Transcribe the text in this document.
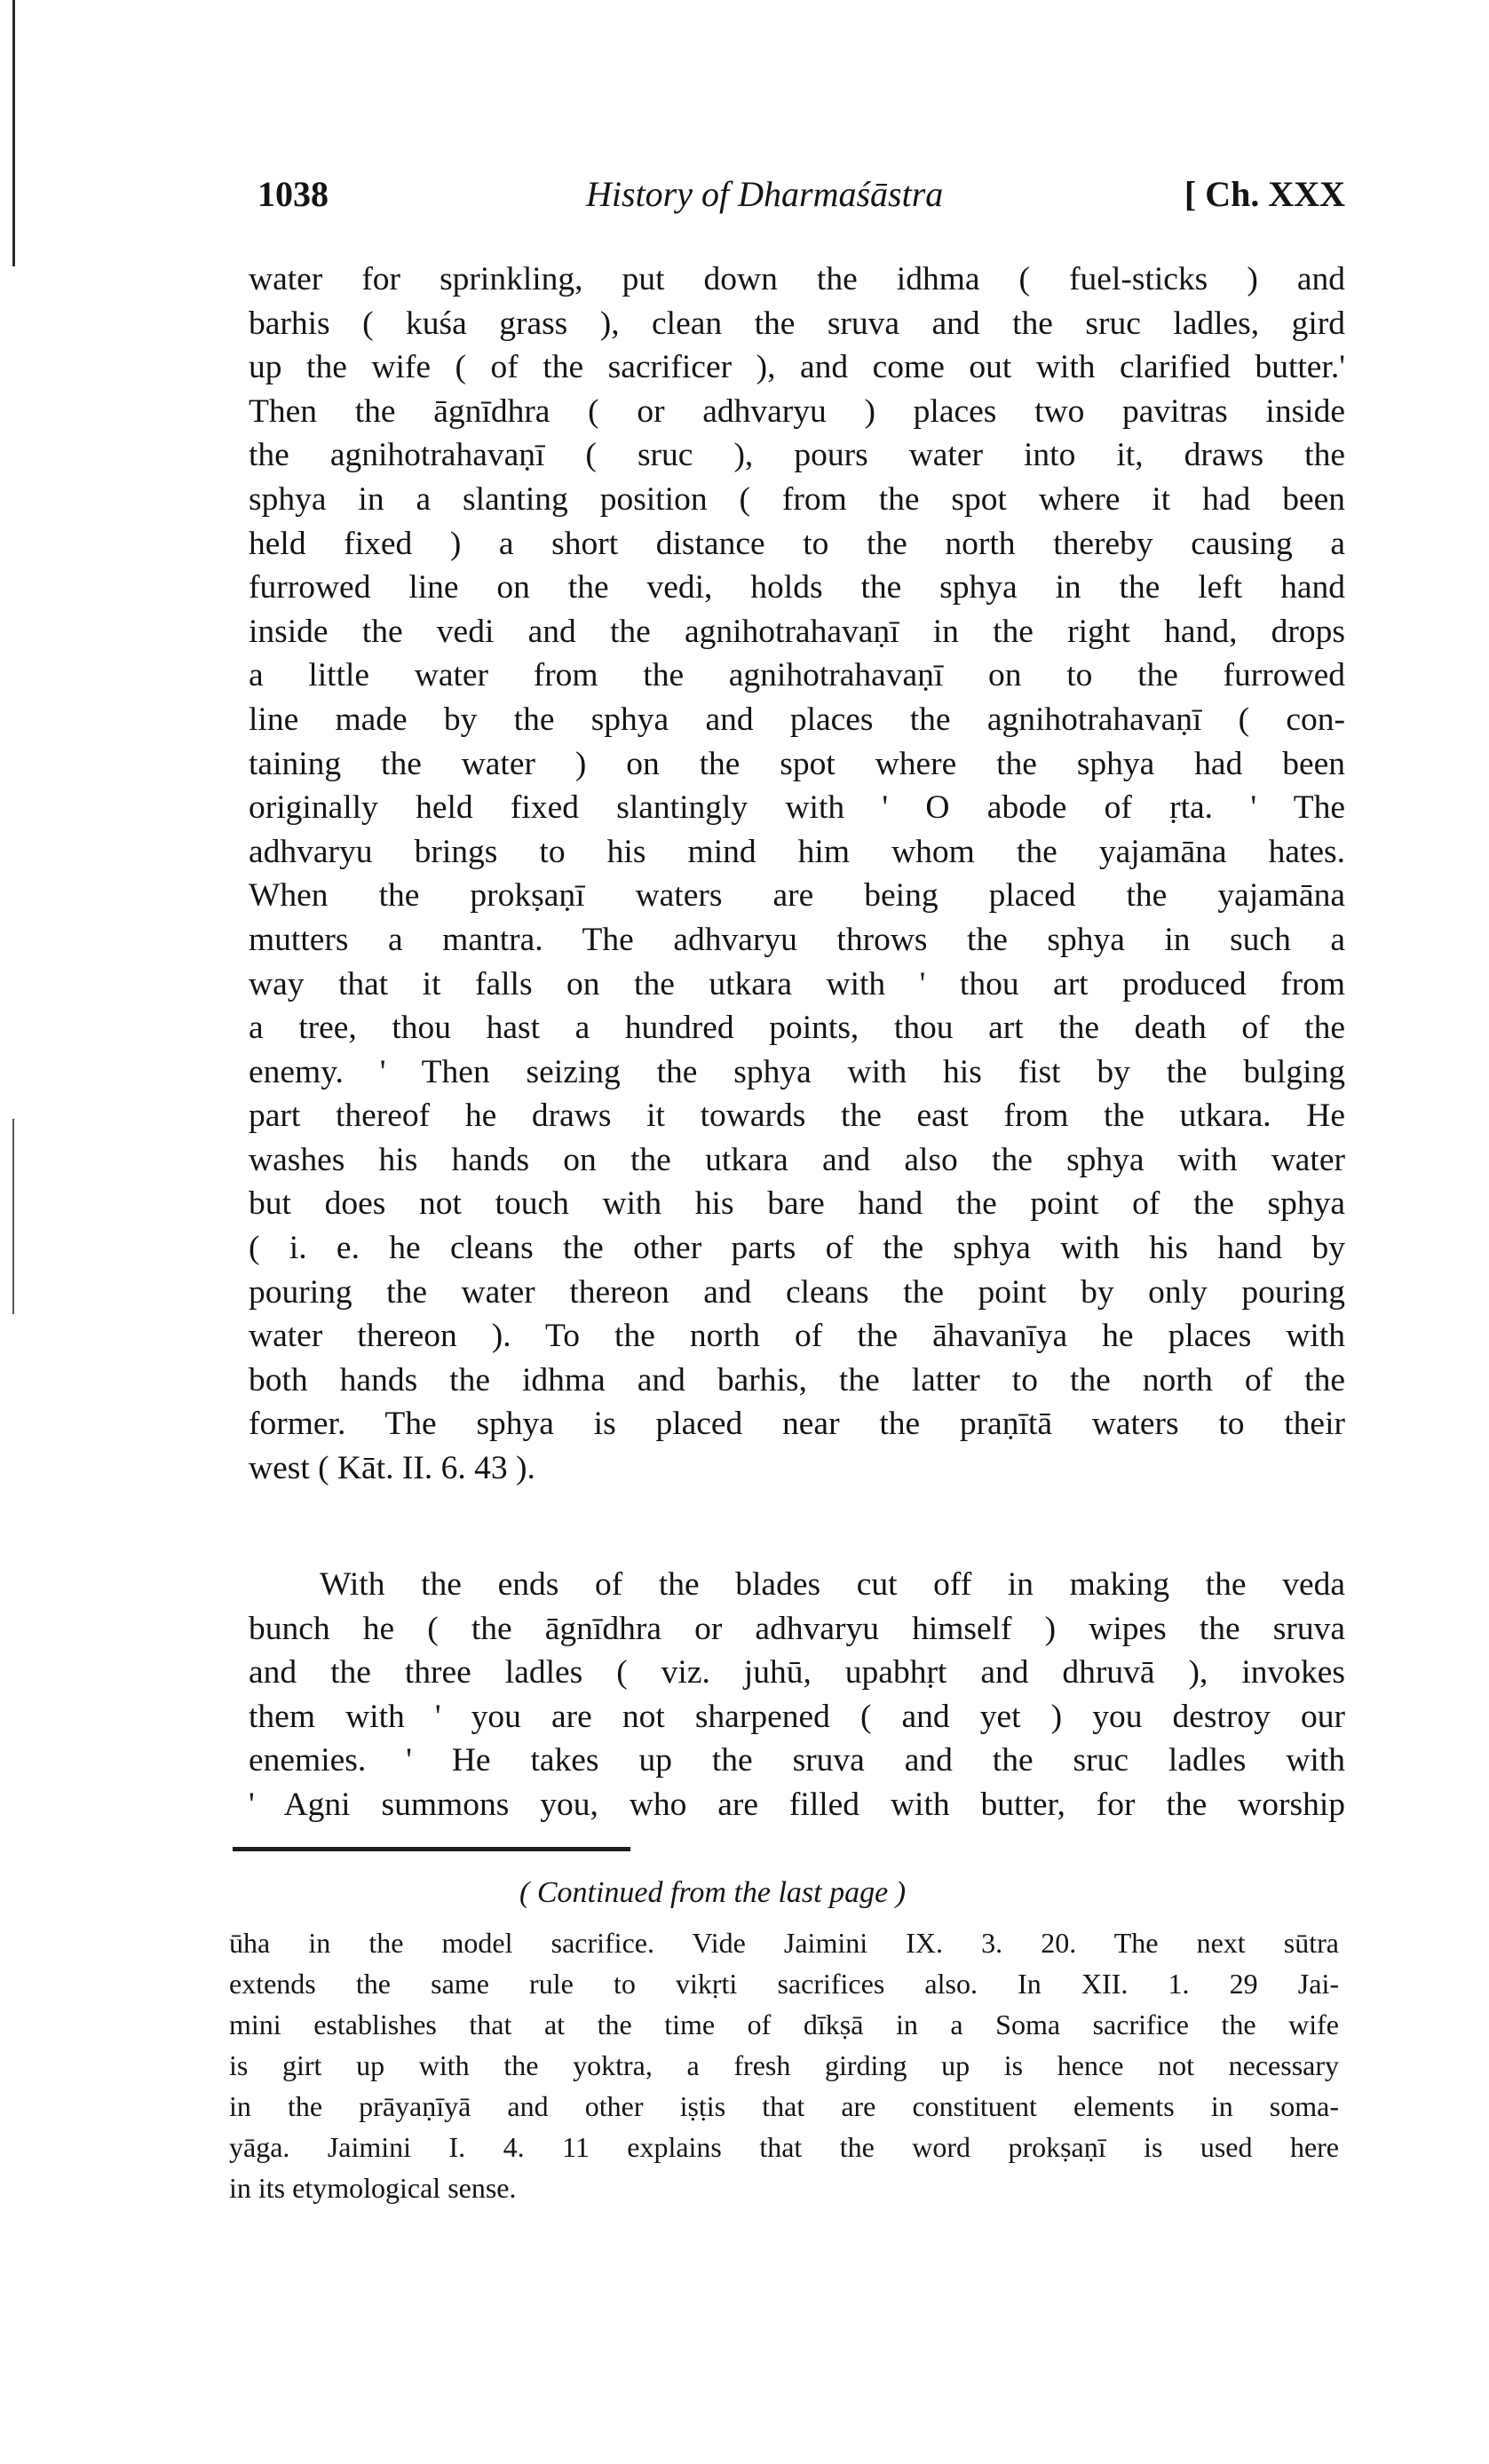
1038	History of Dharmaśāstra	[ Ch. XXX
water for sprinkling, put down the idhma ( fuel-sticks ) and
barhis ( kuśa grass ), clean the sruva and the sruc ladles, gird
up the wife ( of the sacrificer ), and come out with clarified butter.'
Then the āgnīdhra ( or adhvaryu ) places two pavitras inside
the agnihotrahavaṇī ( sruc ), pours water into it, draws the
sphya in a slanting position ( from the spot where it had been
held fixed ) a short distance to the north thereby causing a
furrowed line on the vedi, holds the sphya in the left hand
inside the vedi and the agnihotrahavaṇī in the right hand, drops
a little water from the agnihotrahavaṇī on to the furrowed
line made by the sphya and places the agnihotrahavaṇī ( con-
taining the water ) on the spot where the sphya had been
originally held fixed slantingly with ' O abode of ṛta. ' The
adhvaryu brings to his mind him whom the yajamāna hates.
When the prokṣaṇī waters are being placed the yajamāna
mutters a mantra. The adhvaryu throws the sphya in such a
way that it falls on the utkara with ' thou art produced from
a tree, thou hast a hundred points, thou art the death of the
enemy. ' Then seizing the sphya with his fist by the bulging
part thereof he draws it towards the east from the utkara. He
washes his hands on the utkara and also the sphya with water
but does not touch with his bare hand the point of the sphya
( i. e. he cleans the other parts of the sphya with his hand by
pouring the water thereon and cleans the point by only pouring
water thereon ). To the north of the āhavanīya he places with
both hands the idhma and barhis, the latter to the north of the
former. The sphya is placed near the praṇītā waters to their
west ( Kāt. II. 6. 43 ).
With the ends of the blades cut off in making the veda
bunch he ( the āgnīdhra or adhvaryu himself ) wipes the sruva
and the three ladles ( viz. juhū, upabhṛt and dhruvā ), invokes
them with ' you are not sharpened ( and yet ) you destroy our
enemies. ' He takes up the sruva and the sruc ladles with
' Agni summons you, who are filled with butter, for the worship
( Continued from the last page )
ūha in the model sacrifice. Vide Jaimini IX. 3. 20. The next sūtra
extends the same rule to vikṛti sacrifices also. In XII. 1. 29 Jai-
mini establishes that at the time of dīkṣā in a Soma sacrifice the wife
is girt up with the yoktra, a fresh girding up is hence not necessary
in the prāyaṇīyā and other iṣṭis that are constituent elements in soma-
yāga. Jaimini I. 4. 11 explains that the word prokṣaṇī is used here
in its etymological sense.
